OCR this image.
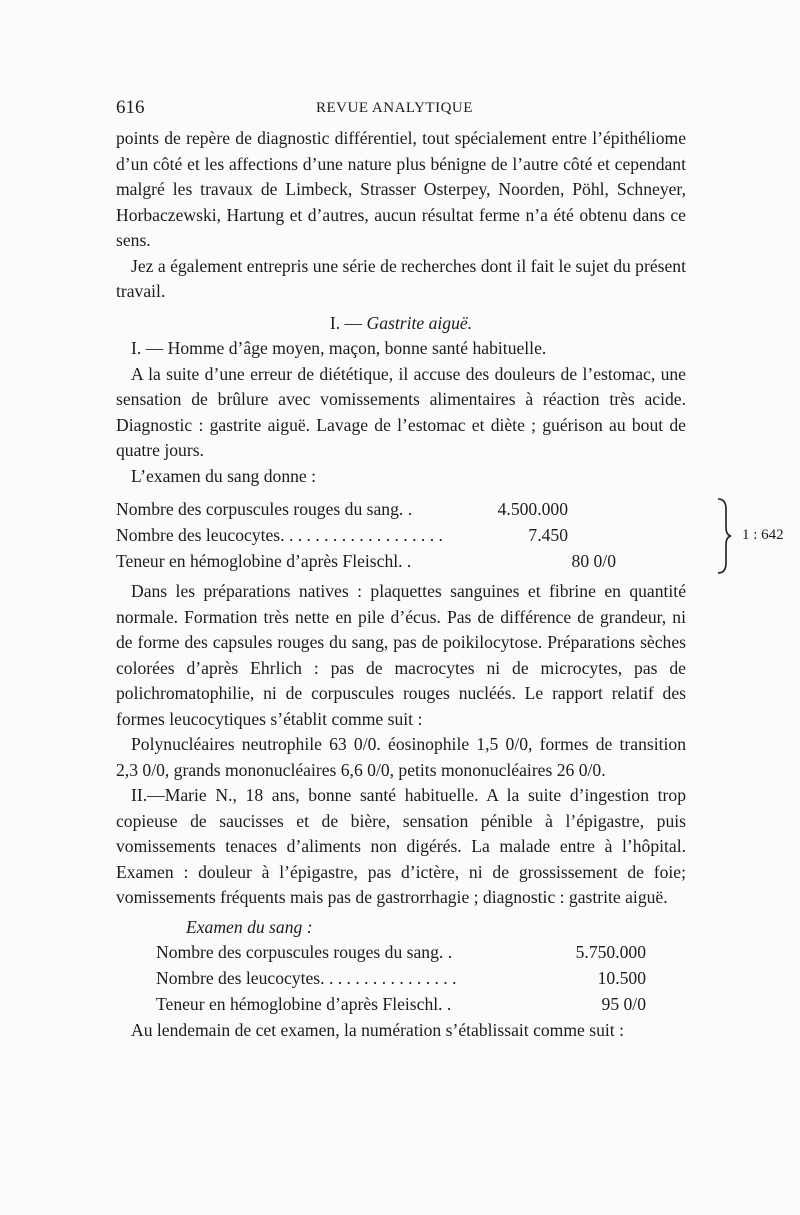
616	REVUE ANALYTIQUE

points de repère de diagnostic différentiel, tout spécialement entre l’épithéliome d’un côté et les affections d’une nature plus bénigne de l’autre côté et cependant malgré les travaux de Limbeck, Strasser Osterpey, Noorden, Pöhl, Schneyer, Horbaczewski, Hartung et d’autres, aucun résultat ferme n’a été obtenu dans ce sens.

Jez a également entrepris une série de recherches dont il fait le sujet du présent travail.

I. — Gastrite aiguë.

I. — Homme d’âge moyen, maçon, bonne santé habituelle.

A la suite d’une erreur de diététique, il accuse des douleurs de l’estomac, une sensation de brûlure avec vomissements alimentaires à réaction très acide. Diagnostic : gastrite aiguë. Lavage de l’estomac et diète ; guérison au bout de quatre jours.

L’examen du sang donne :

Nombre des corpuscules rouges du sang. .	4.500.000
Nombre des leucocytes. . . . . . . . . . . . . . . . . . .	7.450
Teneur en hémoglobine d’après Fleischl. .	80 0/0
1 : 642

Dans les préparations natives : plaquettes sanguines et fibrine en quantité normale. Formation très nette en pile d’écus. Pas de différence de grandeur, ni de forme des capsules rouges du sang, pas de poikilocytose. Préparations sèches colorées d’après Ehrlich : pas de macrocytes ni de microcytes, pas de polichromatophilie, ni de corpuscules rouges nucléés. Le rapport relatif des formes leucocytiques s’établit comme suit :

Polynucléaires neutrophile 63 0/0. éosinophile 1,5 0/0, formes de transition 2,3 0/0, grands mononucléaires 6,6 0/0, petits mononucléaires 26 0/0.

II.—Marie N., 18 ans, bonne santé habituelle. A la suite d’ingestion trop copieuse de saucisses et de bière, sensation pénible à l’épigastre, puis vomissements tenaces d’aliments non digérés. La malade entre à l’hôpital. Examen : douleur à l’épigastre, pas d’ictère, ni de grossissement de foie; vomissements fréquents mais pas de gastrorrhagie ; diagnostic : gastrite aiguë.

Examen du sang :

Nombre des corpuscules rouges du sang. .	5.750.000
Nombre des leucocytes. . . . . . . . . . . . . . . .	10.500
Teneur en hémoglobine d’après Fleischl. .	95 0/0

Au lendemain de cet examen, la numération s’établissait comme suit :
